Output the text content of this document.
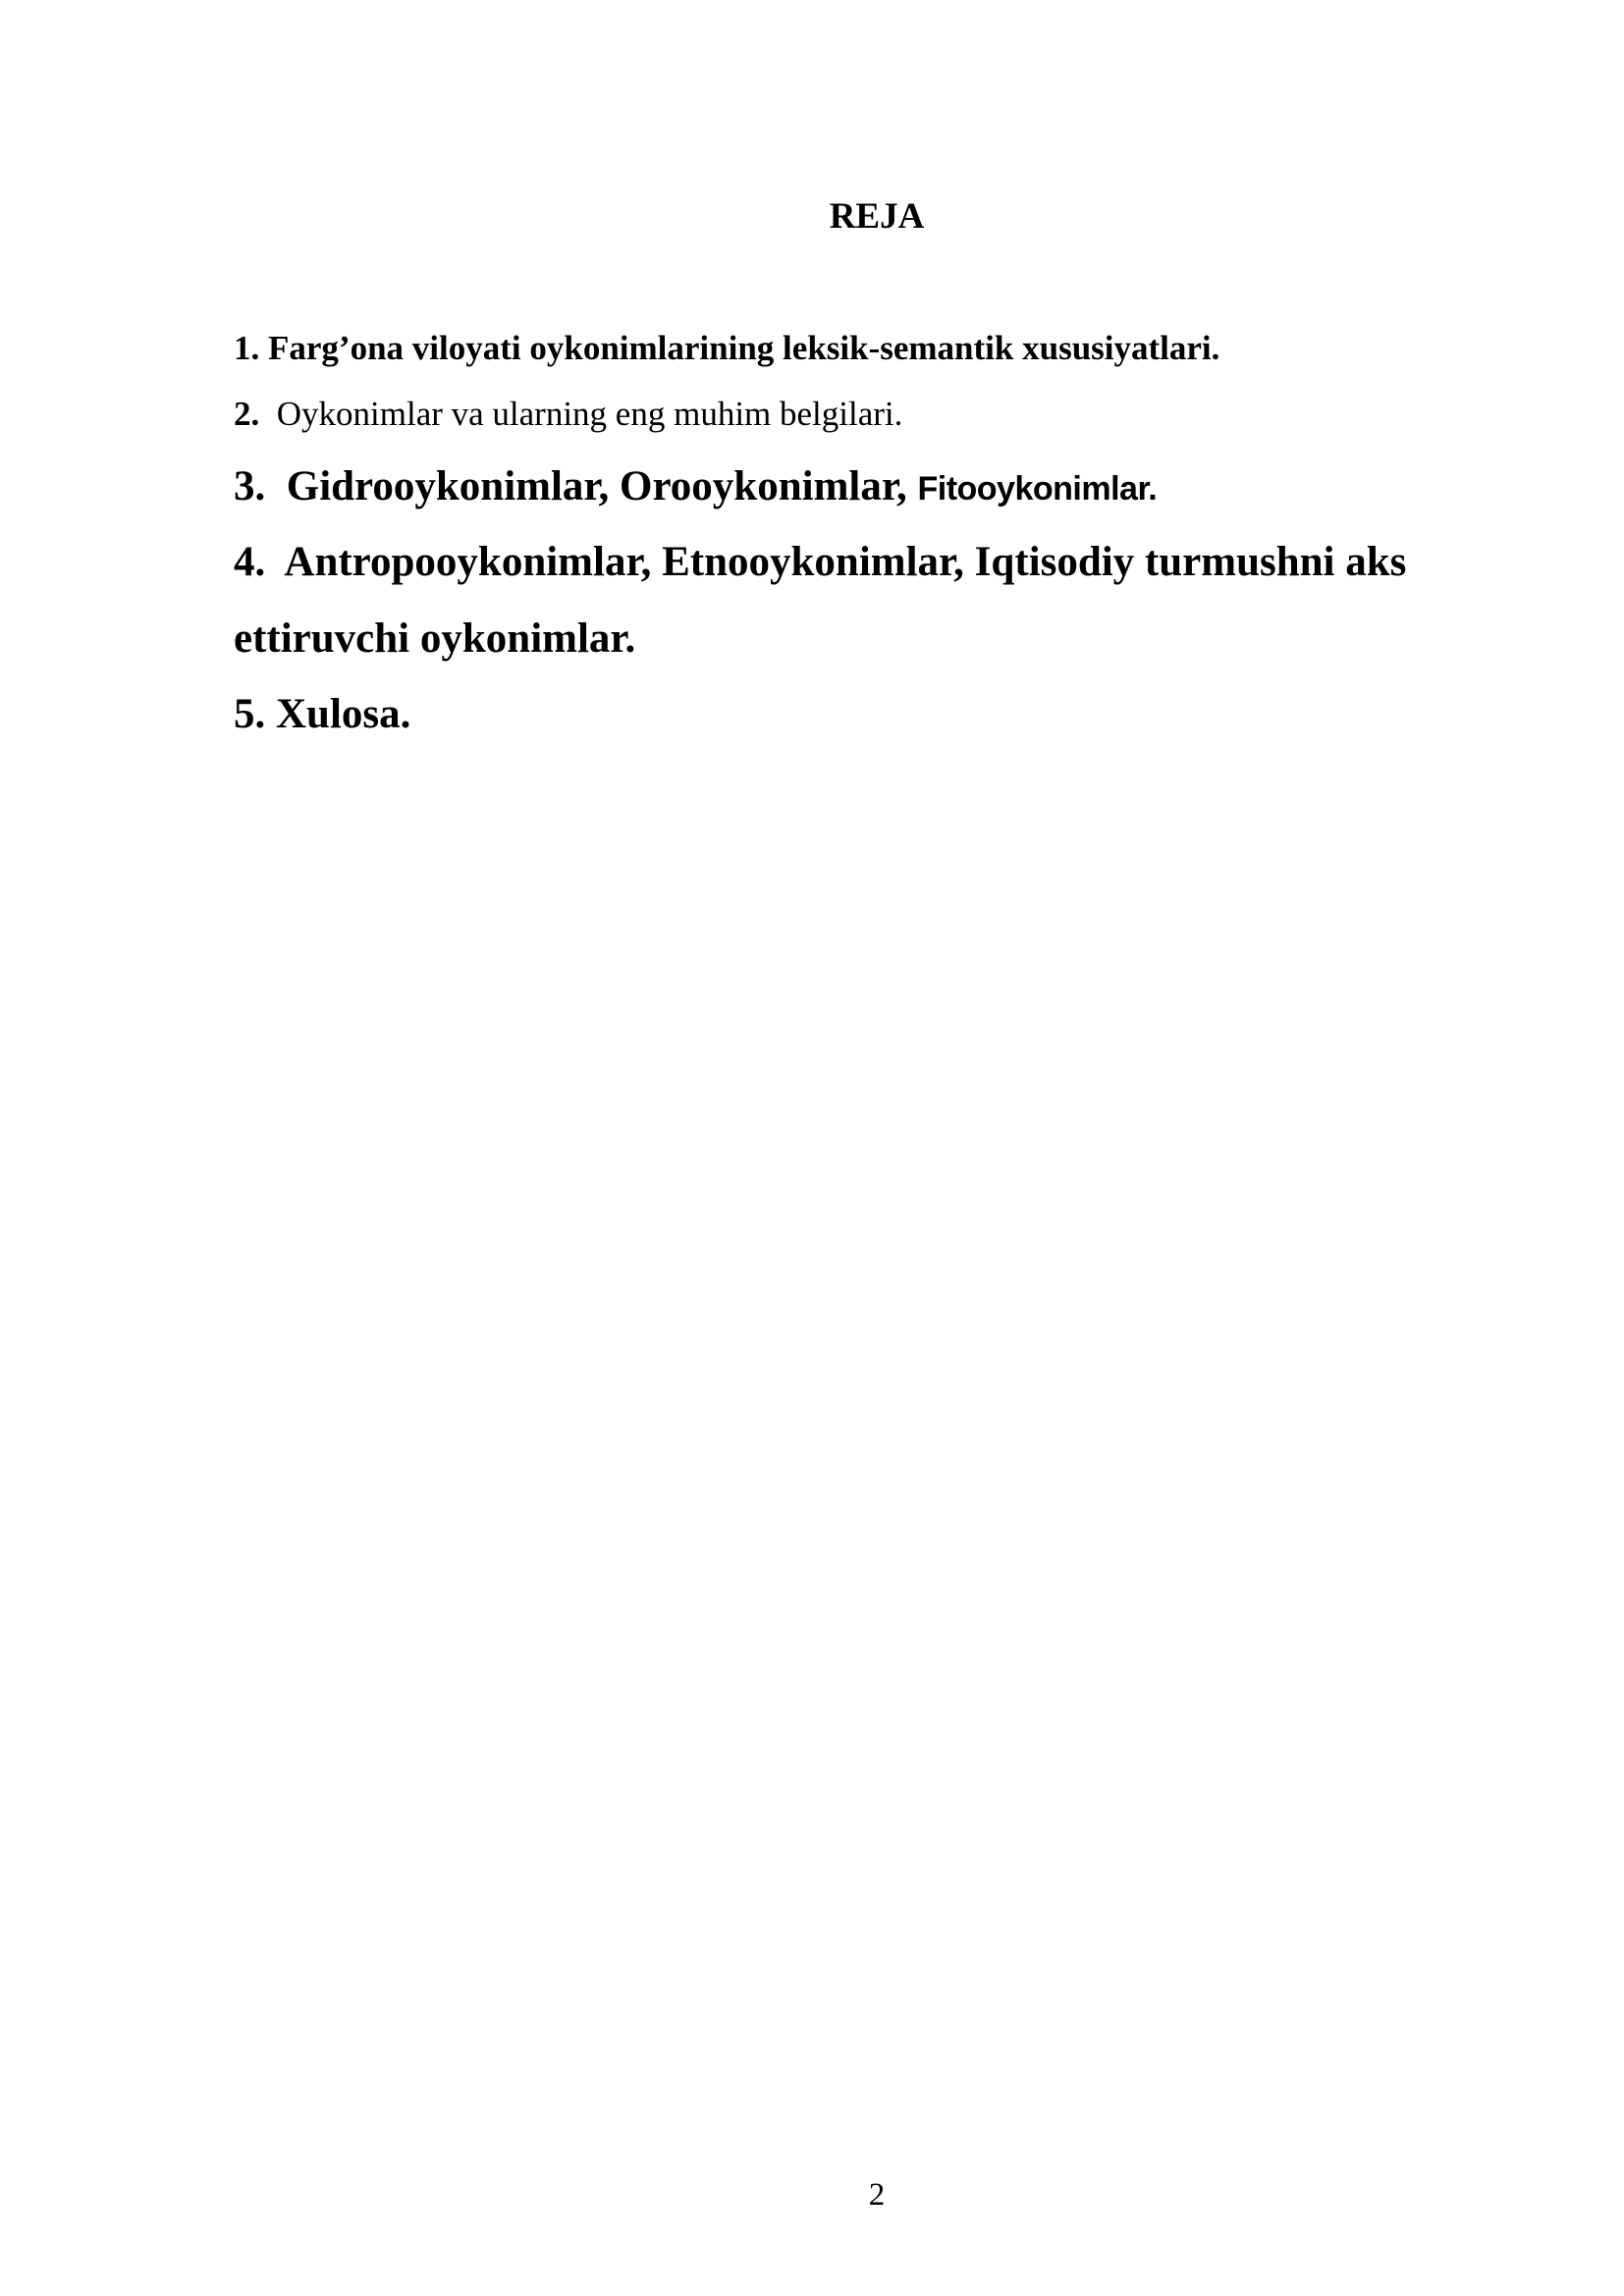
REJA

1. Farg’ona viloyati oykonimlarining leksik-semantik xususiyatlari.

2. Oykonimlar va ularning eng muhim belgilari.

3. Gidrooykonimlar, Orooykonimlar, Fitooykonimlar.

4. Antropooykonimlar, Etnooykonimlar, Iqtisodiy turmushni aks

ettiruvchi oykonimlar.

5. Xulosa.

2
